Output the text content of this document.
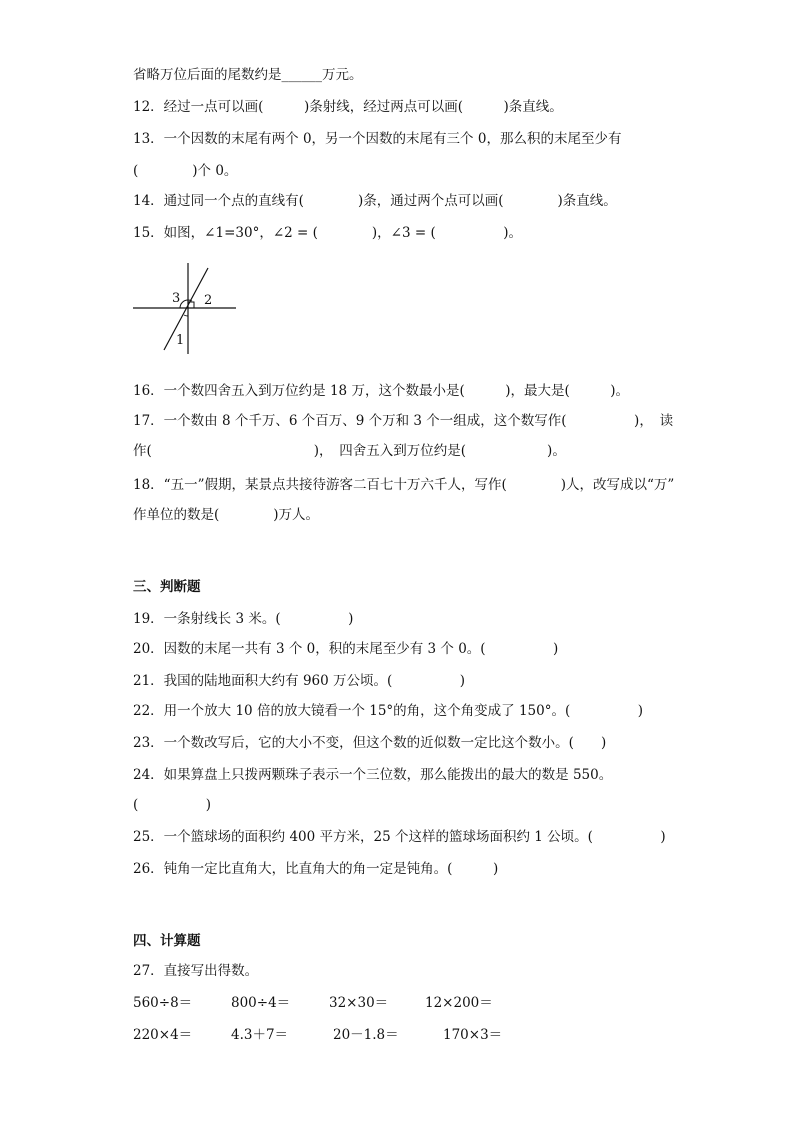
省略万位后面的尾数约是______万元。
12．经过一点可以画(　　　)条射线，经过两点可以画(　　　)条直线。
13．一个因数的末尾有两个 0，另一个因数的末尾有三个 0，那么积的末尾至少有
(　　　　)个 0。
14．通过同一个点的直线有(　　　　)条，通过两个点可以画(　　　　)条直线。
15．如图，∠1=30°，∠2 = (　　　　)，∠3 = (　　　　　)。
3 2
1
16．一个数四舍五入到万位约是 18 万，这个数最小是(　　　)，最大是(　　　)。
17．一个数由 8 个千万、6 个百万、9 个万和 3 个一组成，这个数写作(　　　　　)，　读
作(　　　　　　　　　　　　)，　四舍五入到万位约是(　　　　　　)。
18．“五一”假期，某景点共接待游客二百七十万六千人，写作(　　　　)人，改写成以“万”
作单位的数是(　　　　)万人。
三、判断题
19．一条射线长 3 米。(　　　　　)
20．因数的末尾一共有 3 个 0，积的末尾至少有 3 个 0。(　　　　　)
21．我国的陆地面积大约有 960 万公顷。(　　　　　)
22．用一个放大 10 倍的放大镜看一个 15°的角，这个角变成了 150°。(　　　　　)
23．一个数改写后，它的大小不变，但这个数的近似数一定比这个数小。(　　)
24．如果算盘上只拨两颗珠子表示一个三位数，那么能拨出的最大的数是 550。
(　　　　　)
25．一个篮球场的面积约 400 平方米，25 个这样的篮球场面积约 1 公顷。(　　　　　)
26．钝角一定比直角大，比直角大的角一定是钝角。(　　　)
四、计算题
27．直接写出得数。
560÷8＝	800÷4＝	32×30＝	12×200＝
220×4＝	4.3＋7＝	20－1.8＝	170×3＝
